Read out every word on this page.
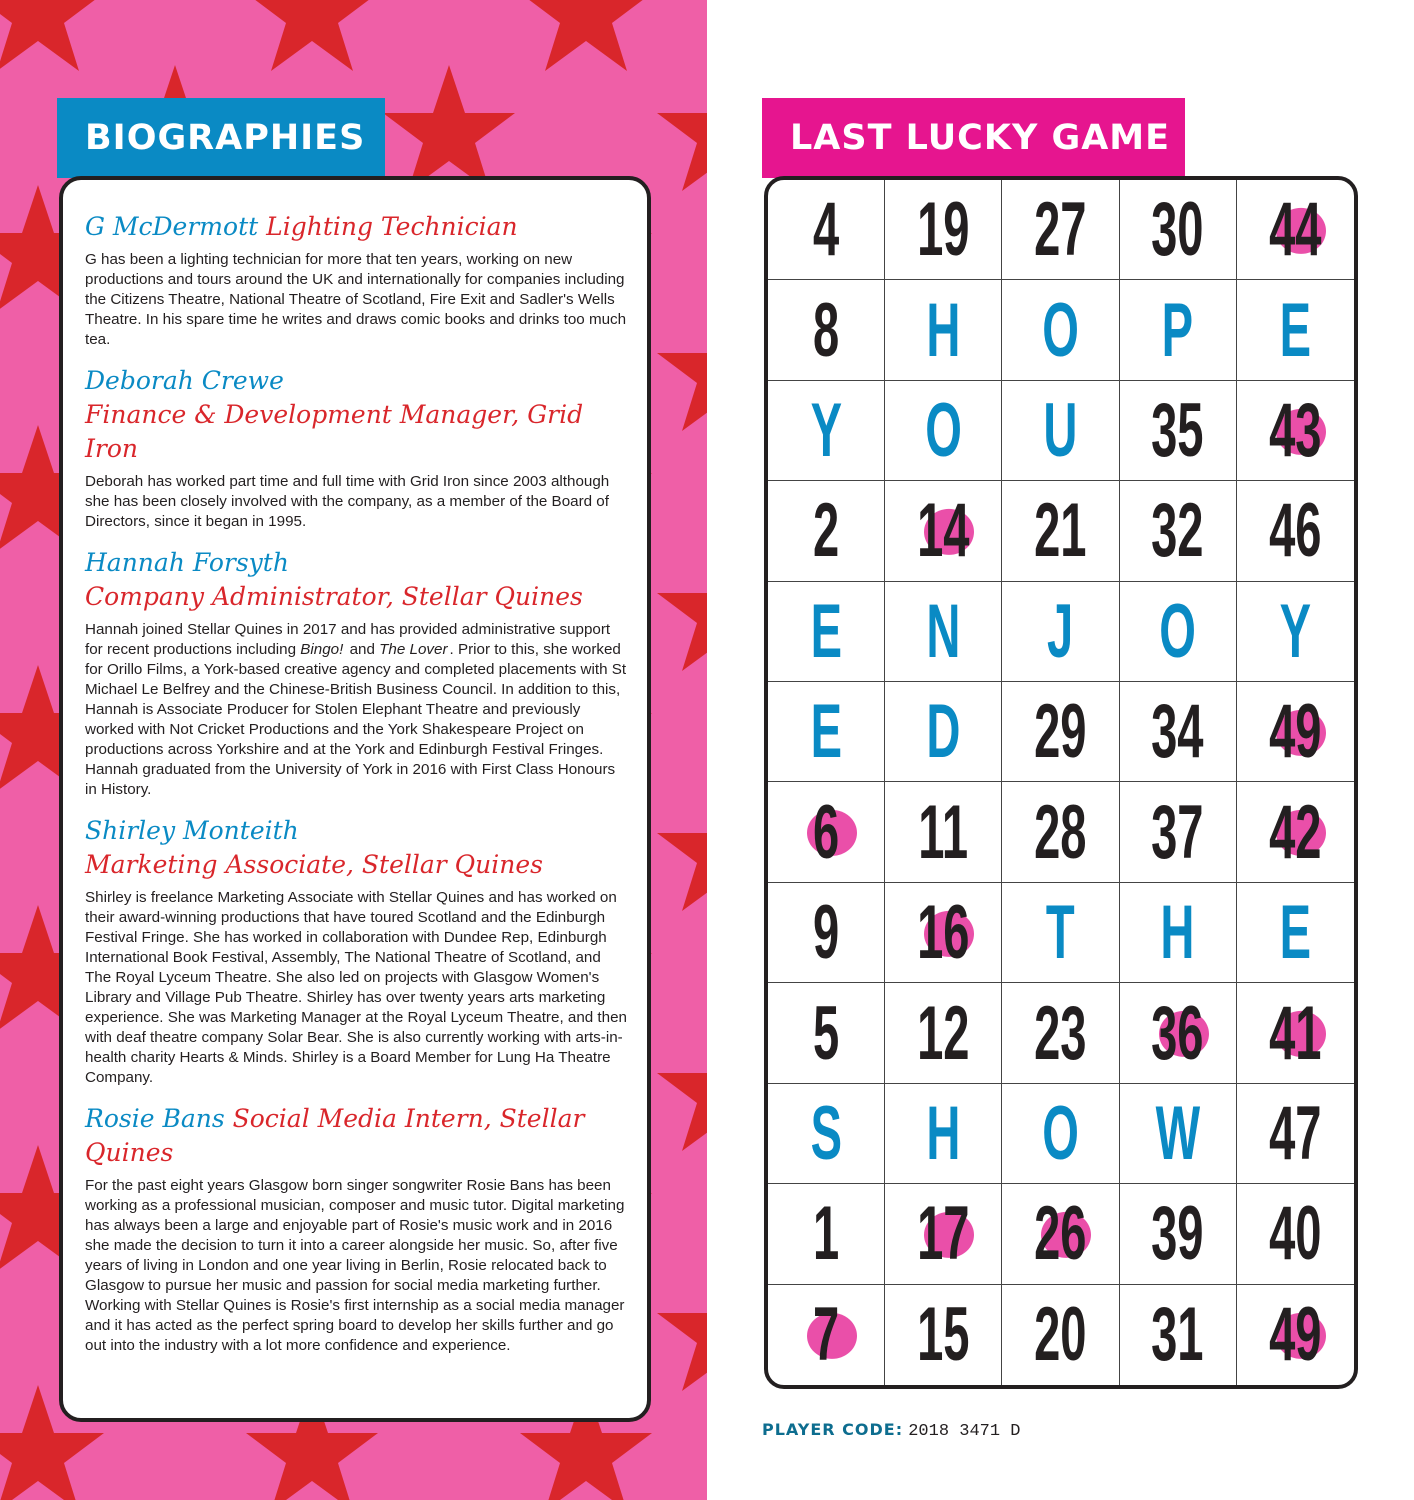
BIOGRAPHIES
G McDermott Lighting Technician

G has been a lighting technician for more that ten years, working on new productions and tours around the UK and internationally for companies including the Citizens Theatre, National Theatre of Scotland, Fire Exit and Sadler's Wells Theatre. In his spare time he writes and draws comic books and drinks too much tea.

Deborah Crewe
Finance & Development Manager, Grid Iron

Deborah has worked part time and full time with Grid Iron since 2003 although she has been closely involved with the company, as a member of the Board of Directors, since it began in 1995.

Hannah Forsyth
Company Administrator, Stellar Quines

Hannah joined Stellar Quines in 2017 and has provided administrative support for recent productions including Bingo! and The Lover . Prior to this, she worked for Orillo Films, a York-based creative agency and completed placements with St Michael Le Belfrey and the Chinese-British Business Council. In addition to this, Hannah is Associate Producer for Stolen Elephant Theatre and previously worked with Not Cricket Productions and the York Shakespeare Project on productions across Yorkshire and at the York and Edinburgh Festival Fringes. Hannah graduated from the University of York in 2016 with First Class Honours in History.

Shirley Monteith
Marketing Associate, Stellar Quines

Shirley is freelance Marketing Associate with Stellar Quines and has worked on their award-winning productions that have toured Scotland and the Edinburgh Festival Fringe. She has worked in collaboration with Dundee Rep, Edinburgh International Book Festival, Assembly, The National Theatre of Scotland, and The Royal Lyceum Theatre. She also led on projects with Glasgow Women's Library and Village Pub Theatre. Shirley has over twenty years arts marketing experience. She was Marketing Manager at the Royal Lyceum Theatre, and then with deaf theatre company Solar Bear. She is also currently working with arts-in-health charity Hearts & Minds. Shirley is a Board Member for Lung Ha Theatre Company.

Rosie Bans Social Media Intern, Stellar Quines

For the past eight years Glasgow born singer songwriter Rosie Bans has been working as a professional musician, composer and music tutor. Digital marketing has always been a large and enjoyable part of Rosie's music work and in 2016 she made the decision to turn it into a career alongside her music. So, after five years of living in London and one year living in Berlin, Rosie relocated back to Glasgow to pursue her music and passion for social media marketing further. Working with Stellar Quines is Rosie's first internship as a social media manager and it has acted as the perfect spring board to develop her skills further and go out into the industry with a lot more confidence and experience.

LAST LUCKY GAME
4 19 27 30 44
8 H O P E
Y O U 35 43
2 14 21 32 46
E N J O Y
E D 29 34 49
6 11 28 37 42
9 16 T H E
5 12 23 36 41
S H O W 47
1 17 26 39 40
7 15 20 31 49
PLAYER CODE: 2018 3471 D
